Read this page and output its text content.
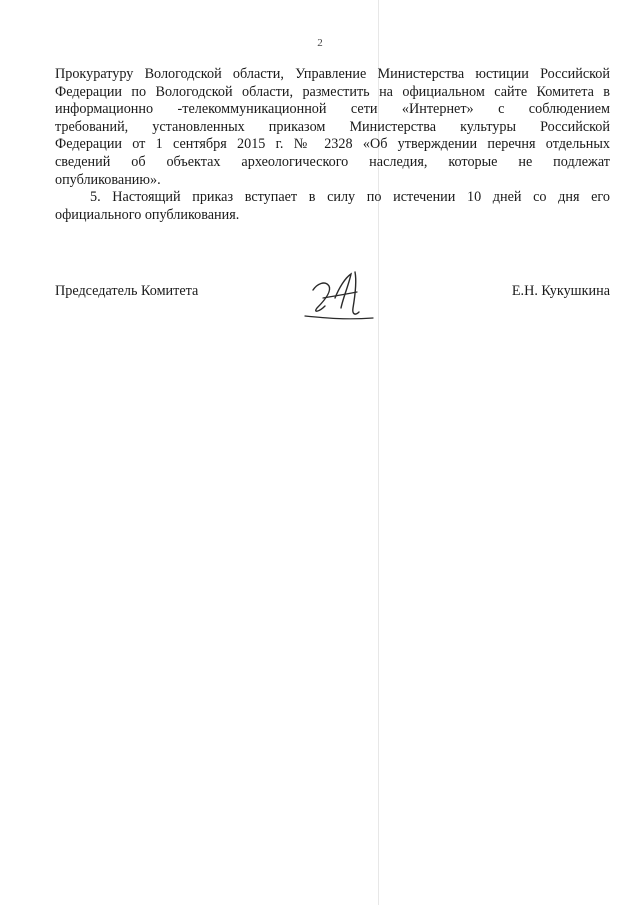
2

Прокуратуру Вологодской области, Управление Министерства юстиции Российской
Федерации по Вологодской области, разместить на официальном сайте Комитета в
информационно -телекоммуникационной сети «Интернет» с соблюдением
требований, установленных приказом Министерства культуры Российской
Федерации от 1 сентября 2015 г. № 2328 «Об утверждении перечня отдельных
сведений об объектах археологического наследия, которые не подлежат
опубликованию».

5. Настоящий приказ вступает в силу по истечении 10 дней со дня его
официального опубликования.

Председатель Комитета	Е.Н. Кукушкина
